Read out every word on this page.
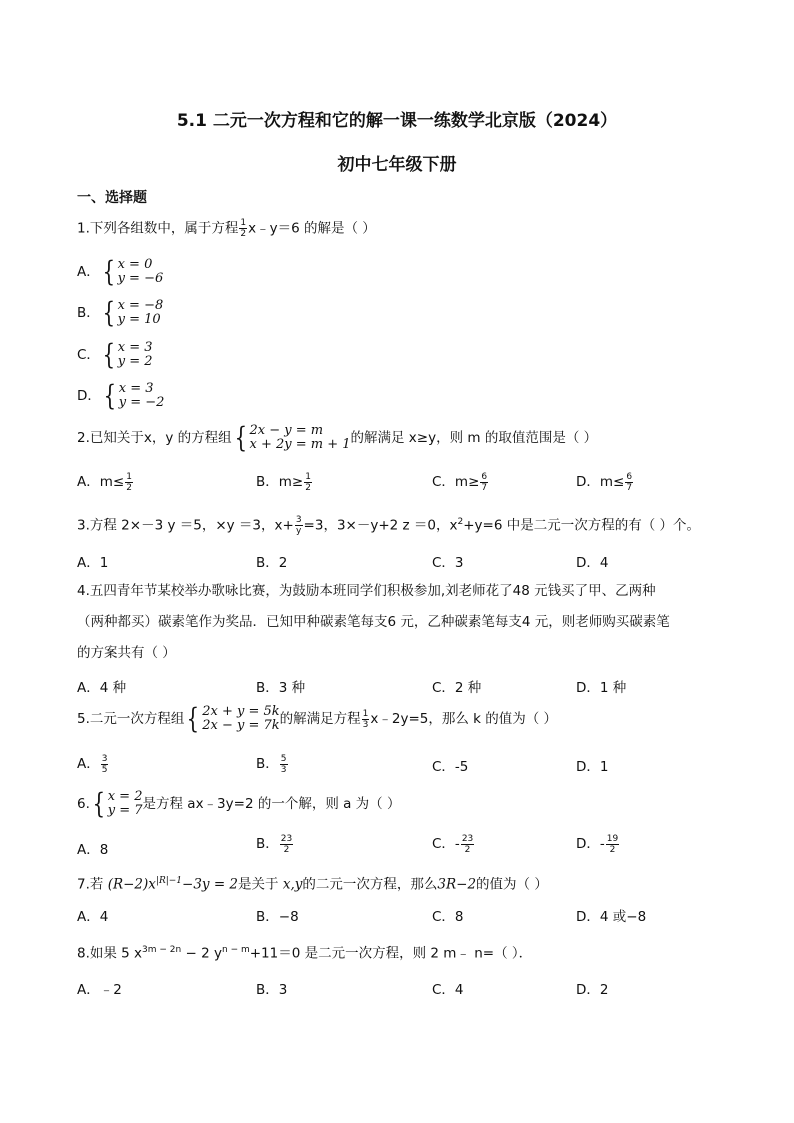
5.1 二元一次方程和它的解一课一练数学北京版（2024）
初中七年级下册
一、选择题
1.下列各组数中，属于方程 $\frac{1}{2}$ x﹣y＝6 的解是（ ）
A．{ x = 0
y = −6
B．{ x = −8
y = 10
C．{ x = 3
y = 2
D．{ x = 3
y = −2
2.已知关于x，y 的方程组{ 2x − y = m
x + 2y = m + 1 的解满足 x≥y，则 m 的取值范围是（ ）
A．$m\le \frac{1}{2}$	B．$m\ge \frac{1}{2}$	C．$m\ge \frac{6}{7}$	D．$m\le \frac{6}{7}$
3.方程 2×－3 y ＝5，×y ＝3，$x+ \frac{3}{y} =3$，3×－y+2 z ＝0，$x^2+y=6$ 中是二元一次方程的有（ ）个。
A．1	B．2	C．3	D．4
4.五四青年节某校举办歌咏比赛，为鼓励本班同学们积极参加,刘老师花了48 元钱买了甲、乙两种
（两种都买）碳素笔作为奖品．已知甲种碳素笔每支6 元，乙种碳素笔每支4 元，则老师购买碳素笔
的方案共有（ ）
A．4 种	B．3 种	C．2 种	D．1 种
5.二元一次方程组{ 2x + y = 5k
2x − y = 7k 的解满足方程 $\frac{1}{3}$ x﹣2y=5，那么 k 的值为（ ）
A． $\frac{3}{5}$	B． $\frac{5}{3}$	C．-5	D．1
6.{ x = 2
y = 7 是方程 ax﹣3y=2 的一个解，则 a 为（ ）
A．8	B． $\frac{23}{2}$	C．- $\frac{23}{2}$	D．- $\frac{19}{2}$
7.若 $(R-2)x^{|R|-1}-3y = 2$是关于 x,y的二元一次方程，那么3R−2的值为（ ）
A．4	B．−8	C．8	D．4 或−8
8.如果 5 $x^{3m - 2n} - 2$ $y^{n - m}+11=0$ 是二元一次方程，则 2 m﹣ n=（ ）．
A．﹣2	B．3	C．4	D．2
